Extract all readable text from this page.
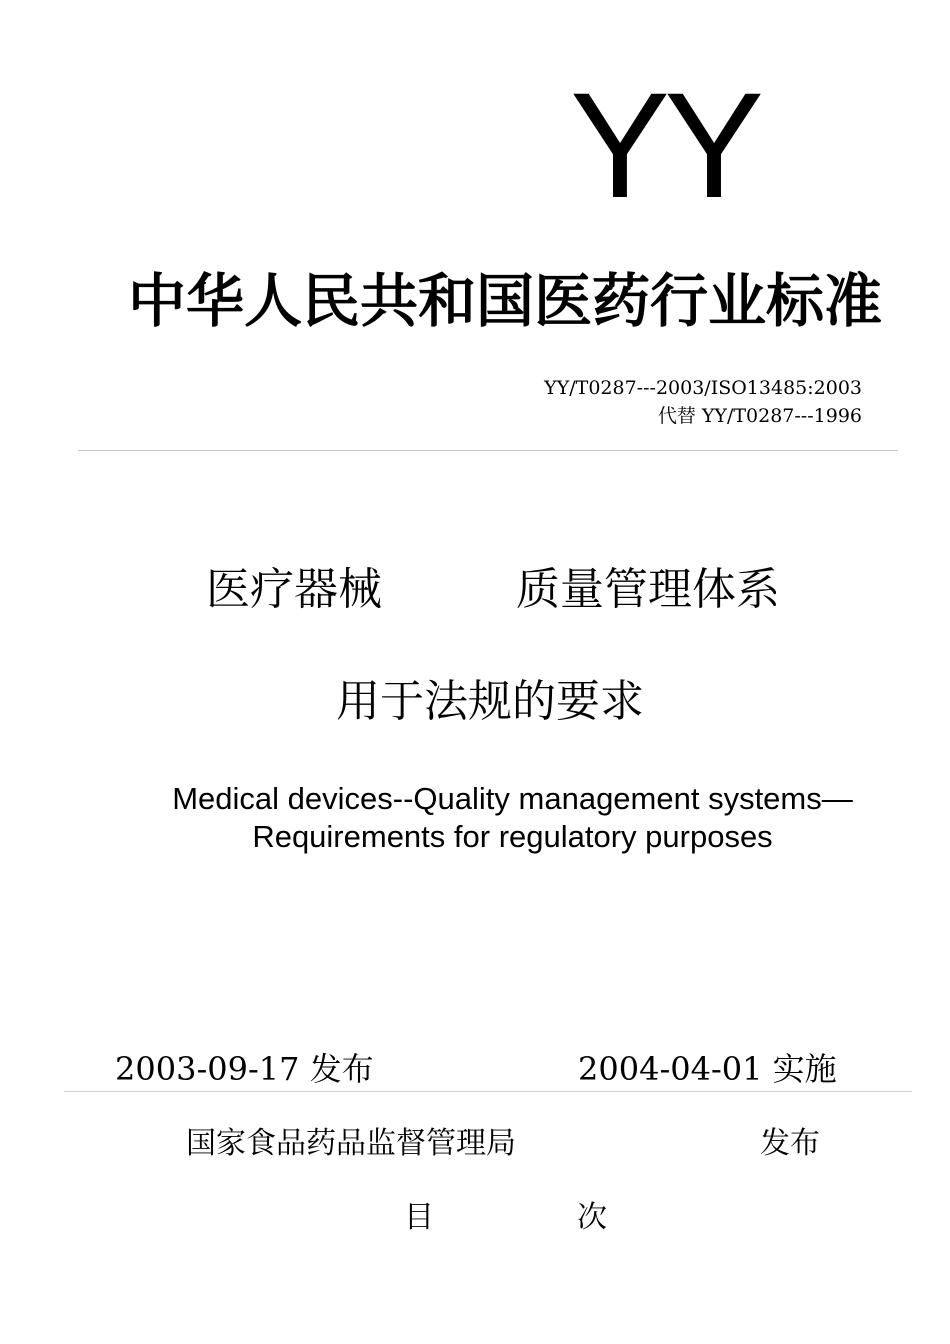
YY
中华人民共和国医药行业标准
YY/T0287---2003/ISO13485:2003
代替 YY/T0287---1996
医疗器械	质量管理体系
用于法规的要求
Medical devices--Quality management systems—
Requirements for regulatory purposes
2003-09-17 发布	2004-04-01 实施
国家食品药品监督管理局	发布
目	次
